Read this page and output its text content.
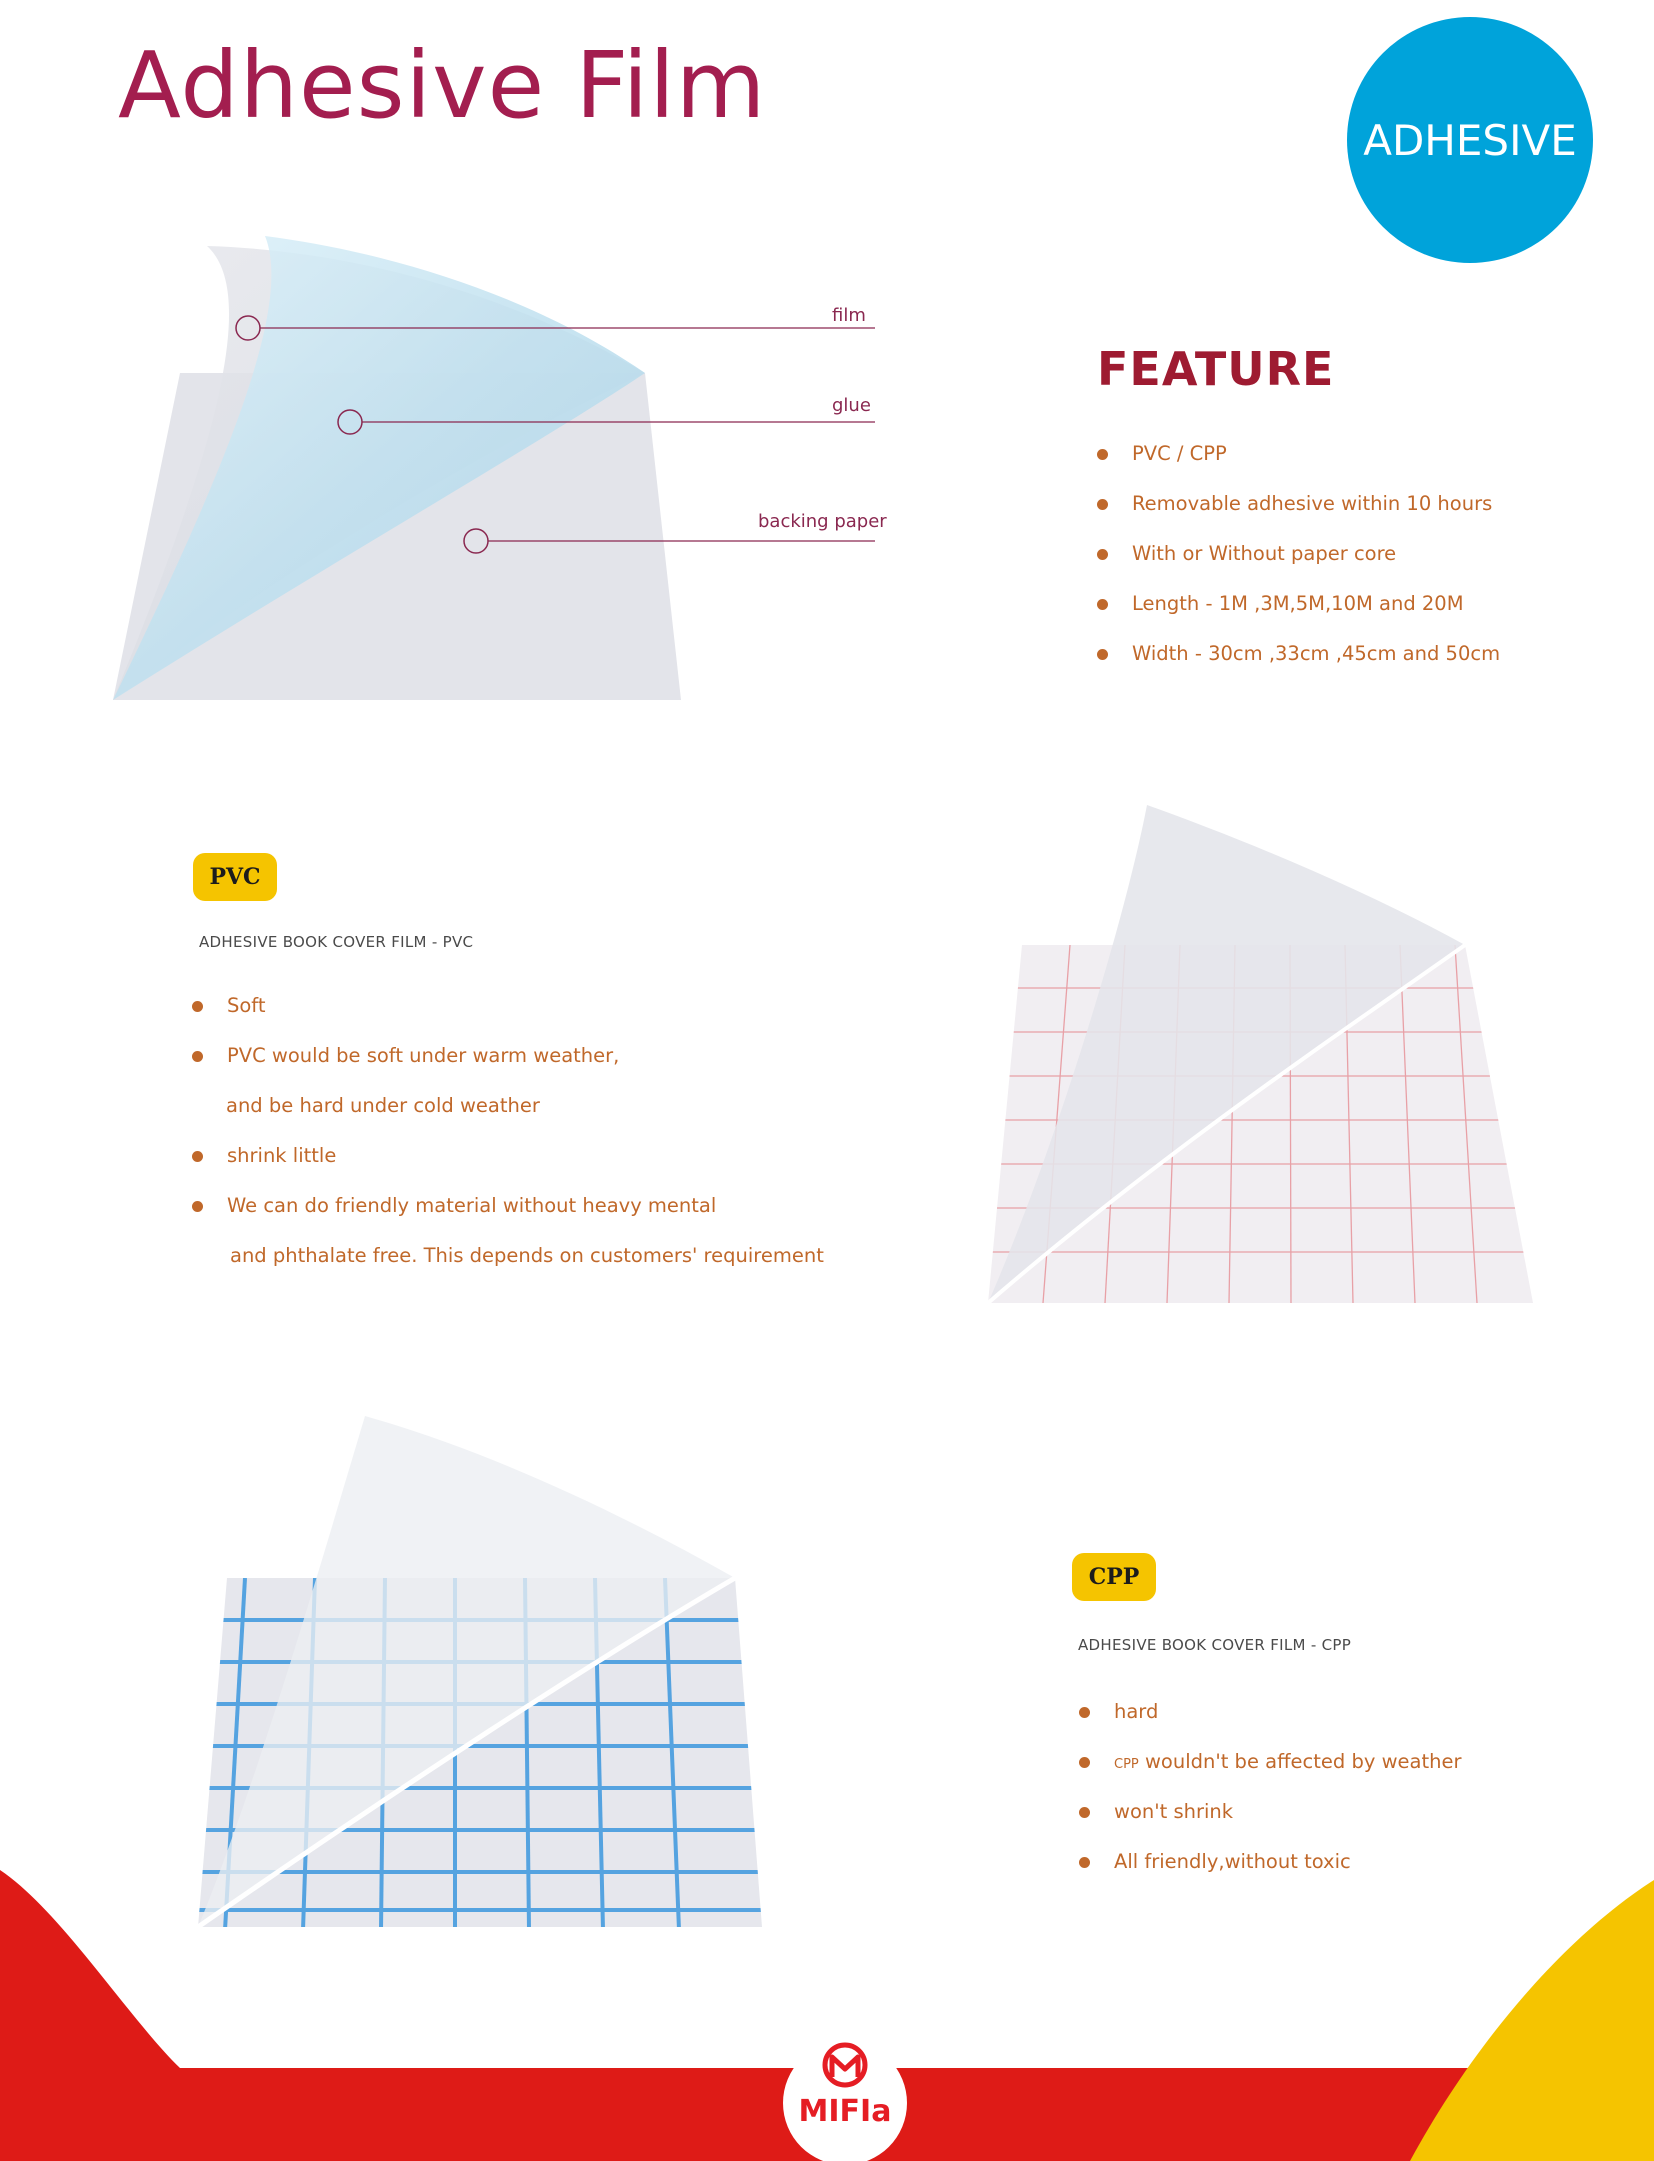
Adhesive Film
ADHESIVE
film
glue
backing paper
FEATURE
PVC / CPP
Removable adhesive within 10 hours
With or Without paper core
Length - 1M ,3M,5M,10M and 20M
Width - 30cm ,33cm ,45cm and 50cm
PVC
ADHESIVE BOOK COVER FILM - PVC
Soft
PVC would be soft under warm weather,
and be hard under cold weather
shrink little
We can do friendly material without heavy mental
and phthalate free. This depends on customers' requirement
CPP
ADHESIVE BOOK COVER FILM - CPP
hard
CPP wouldn't be affected by weather
won't shrink
All friendly,without toxic
MIFIa
